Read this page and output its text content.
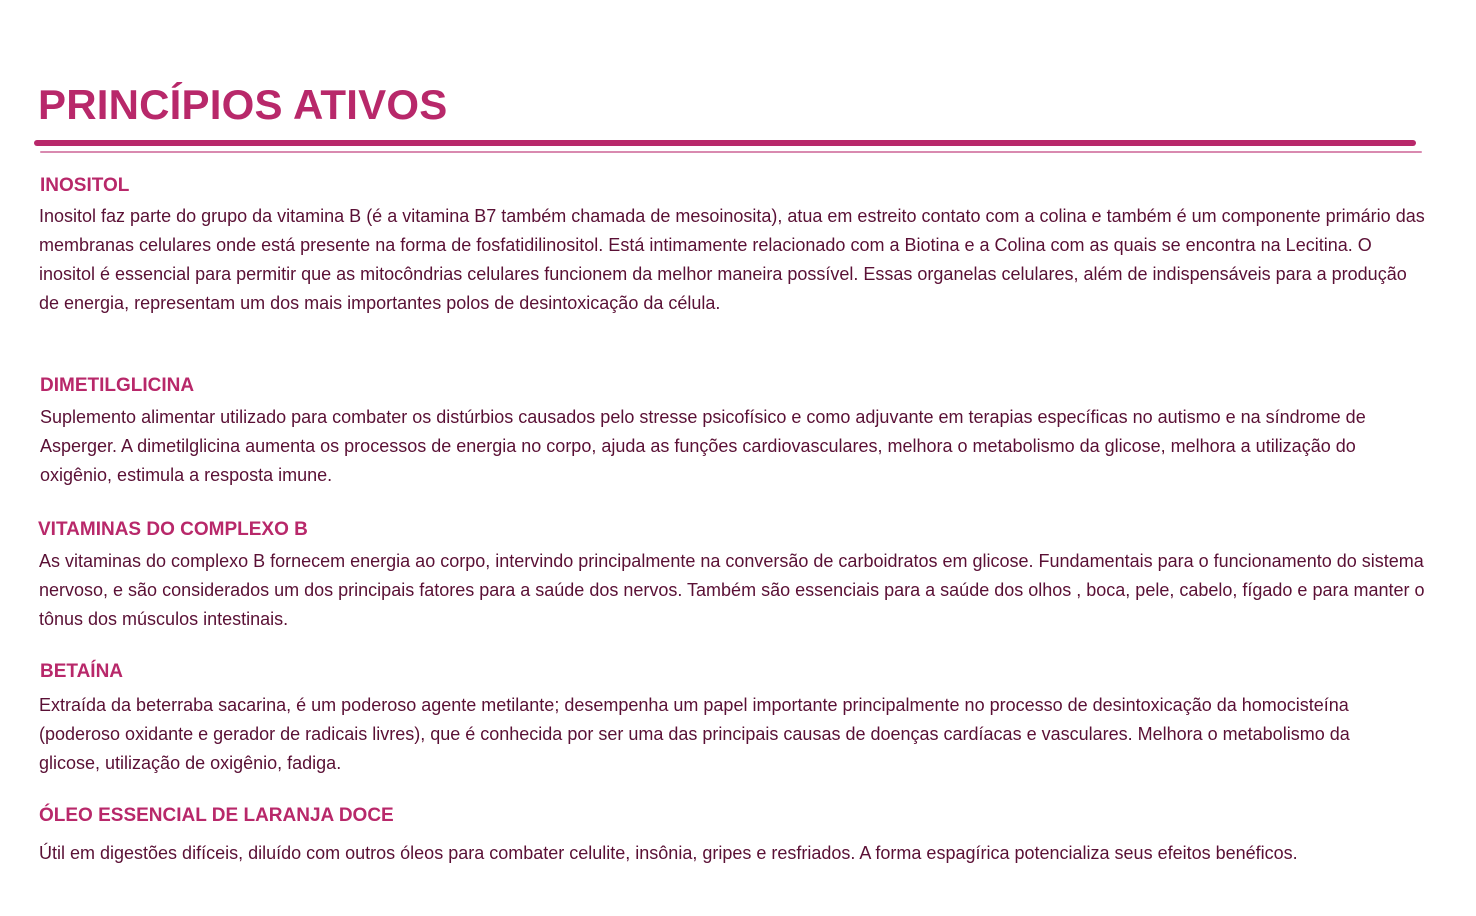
PRINCÍPIOS ATIVOS
INOSITOL

Inositol faz parte do grupo da vitamina B (é a vitamina B7 também chamada de mesoinosita), atua em estreito contato com a colina e também é um componente primário das membranas celulares onde está presente na forma de fosfatidilinositol. Está intimamente relacionado com a Biotina e a Colina com as quais se encontra na Lecitina. O inositol é essencial para permitir que as mitocôndrias celulares funcionem da melhor maneira possível. Essas organelas celulares, além de indispensáveis para a produção de energia, representam um dos mais importantes polos de desintoxicação da célula.

DIMETILGLICINA

Suplemento alimentar utilizado para combater os distúrbios causados pelo stresse psicofísico e como adjuvante em terapias específicas no autismo e na síndrome de Asperger. A dimetilglicina aumenta os processos de energia no corpo, ajuda as funções cardiovasculares, melhora o metabolismo da glicose, melhora a utilização do oxigênio, estimula a resposta imune.

VITAMINAS DO COMPLEXO B

As vitaminas do complexo B fornecem energia ao corpo, intervindo principalmente na conversão de carboidratos em glicose. Fundamentais para o funcionamento do sistema nervoso, e são considerados um dos principais fatores para a saúde dos nervos. Também são essenciais para a saúde dos olhos , boca, pele, cabelo, fígado e para manter o tônus dos músculos intestinais.

BETAÍNA

Extraída da beterraba sacarina, é um poderoso agente metilante; desempenha um papel importante principalmente no processo de desintoxicação da homocisteína (poderoso oxidante e gerador de radicais livres), que é conhecida por ser uma das principais causas de doenças cardíacas e vasculares. Melhora o metabolismo da glicose, utilização de oxigênio, fadiga.

ÓLEO ESSENCIAL DE LARANJA DOCE

Útil em digestões difíceis, diluído com outros óleos para combater celulite, insônia, gripes e resfriados. A forma espagírica potencializa seus efeitos benéficos.
